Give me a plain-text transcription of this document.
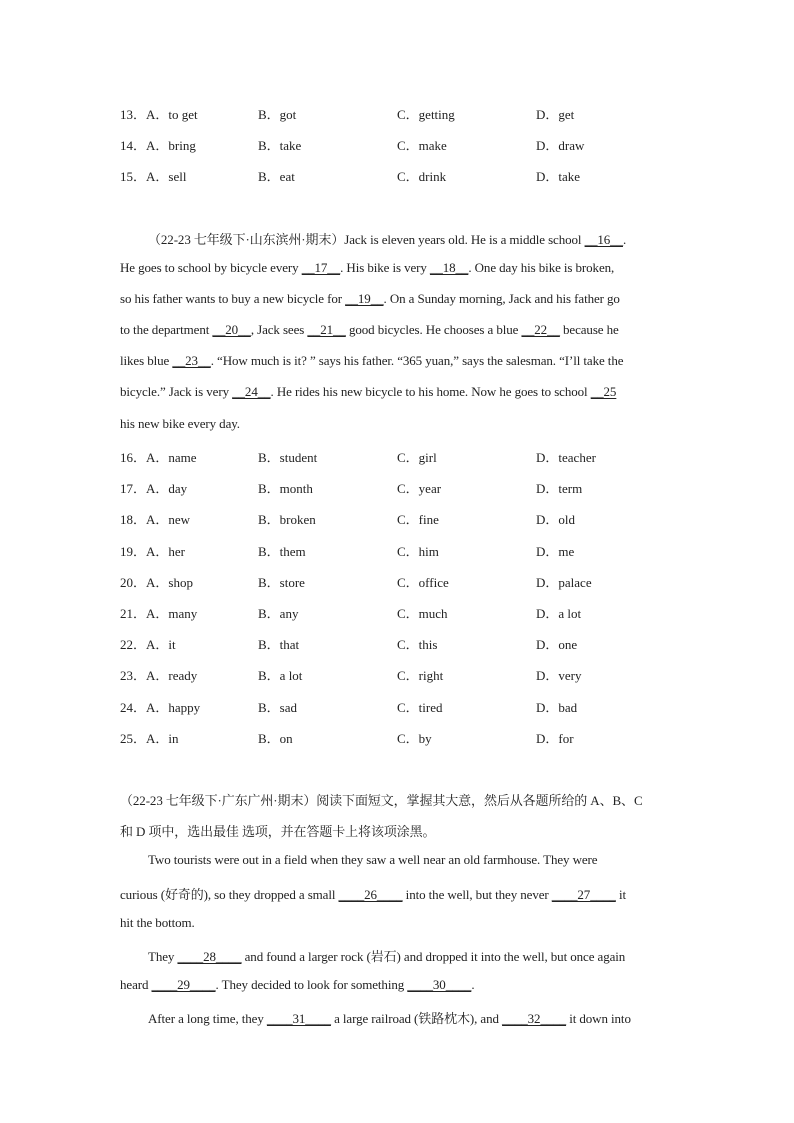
13．A．to get	B．got	C．getting	D．get
14．A．bring	B．take	C．make	D．draw
15．A．sell	B．eat	C．drink	D．take
（22-23 七年级下·山东滨州·期末）Jack is eleven years old. He is a middle school __16__.
He goes to school by bicycle every __17__. His bike is very __18__. One day his bike is broken,
so his father wants to buy a new bicycle for __19__. On a Sunday morning, Jack and his father go
to the department __20__, Jack sees __21__ good bicycles. He chooses a blue __22__ because he
likes blue __23__. “How much is it? ” says his father. “365 yuan,” says the salesman. “I’ll take the
bicycle.” Jack is very __24__. He rides his new bicycle to his home. Now he goes to school __25
his new bike every day.
16．A．name	B．student	C．girl	D．teacher
17．A．day	B．month	C．year	D．term
18．A．new	B．broken	C．fine	D．old
19．A．her	B．them	C．him	D．me
20．A．shop	B．store	C．office	D．palace
21．A．many	B．any	C．much	D．a lot
22．A．it	B．that	C．this	D．one
23．A．ready	B．a lot	C．right	D．very
24．A．happy	B．sad	C．tired	D．bad
25．A．in	B．on	C．by	D．for
（22-23 七年级下·广东广州·期末）阅读下面短文，掌握其大意，然后从各题所给的 A、B、C
和 D 项中，选出最佳 选项，并在答题卡上将该项涂黑。
Two tourists were out in a field when they saw a well near an old farmhouse. They were
curious (好奇的), so they dropped a small ____26____ into the well, but they never ____27____ it
hit the bottom.
They ____28____ and found a larger rock (岩石) and dropped it into the well, but once again
heard ____29____. They decided to look for something ____30____.
After a long time, they ____31____ a large railroad (铁路枕木), and ____32____ it down into
